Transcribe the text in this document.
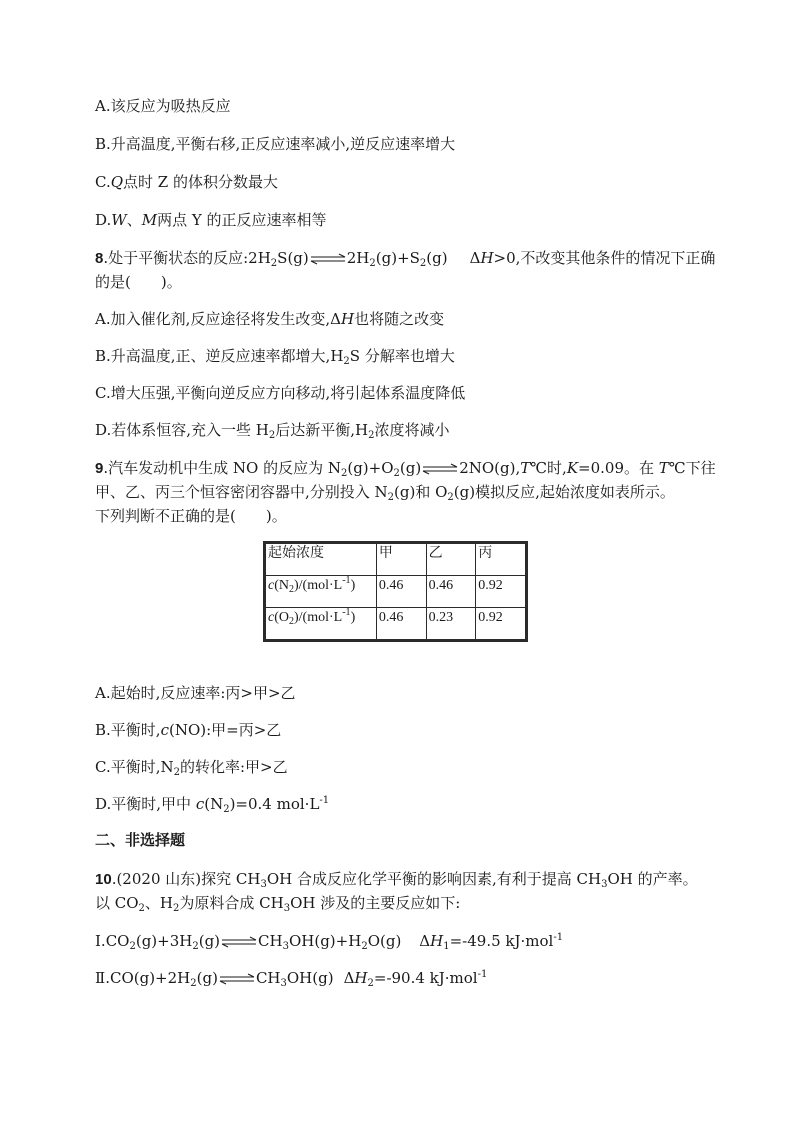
A.该反应为吸热反应
B.升高温度,平衡右移,正反应速率减小,逆反应速率增大
C.Q点时 Z 的体积分数最大
D.W、M两点 Y 的正反应速率相等
8.处于平衡状态的反应$:2H_2S(g)\rightleftharpoons 2H_2(g)+S_2(g)$ ΔH>0,不改变其他条件的情况下正确
的是(　　)。
A.加入催化剂,反应途径将发生改变,ΔH也将随之改变
B.升高温度,正、逆反应速率都增大$,H_2S$ 分解率也增大
C.增大压强,平衡向逆反应方向移动,将引起体系温度降低
D.若体系恒容,充入一些 $H_2$后达新平衡$,H_2$浓度将减小
9.汽车发动机中生成 NO 的反应为 $N_2(g)+O_2(g)\rightleftharpoons 2NO(g),T℃$时,K=0.09。在 T℃下往
甲、乙、丙三个恒容密闭容器中,分别投入 $N_2(g)$和 $O_2(g)$模拟反应,起始浓度如表所示。
下列判断不正确的是(　　)。
起始浓度	甲	乙	丙
$c(N_2)/(mol\cdot L^{-1})$	0.46	0.46	0.92
$c(O_2)/(mol\cdot L^{-1})$	0.46	0.23	0.92
A.起始时,反应速率:丙>甲>乙
B.平衡时,c(NO):甲=丙>乙
C.平衡时$,N_2$的转化率:甲>乙
D.平衡时,甲中 $c(N_2)=0.4$ $mol\cdot L^{-1}$
二、非选择题
10.(2020 山东)探究 $CH_3OH$ 合成反应化学平衡的影响因素,有利于提高 $CH_3OH$ 的产率。
以 $CO_2$、$H_2$为原料合成 $CH_3OH$ 涉及的主要反应如下:
$Ⅰ.CO_2(g)+3H_2(g)\rightleftharpoons CH_3OH(g)+H_2O(g)$ $\Delta H_1=-49.5$ kJ·mol$^{-1}$
$Ⅱ.CO(g)+2H_2(g)\rightleftharpoons CH_3OH(g)$ $\Delta H_2=-90.4$ kJ·mol$^{-1}$
